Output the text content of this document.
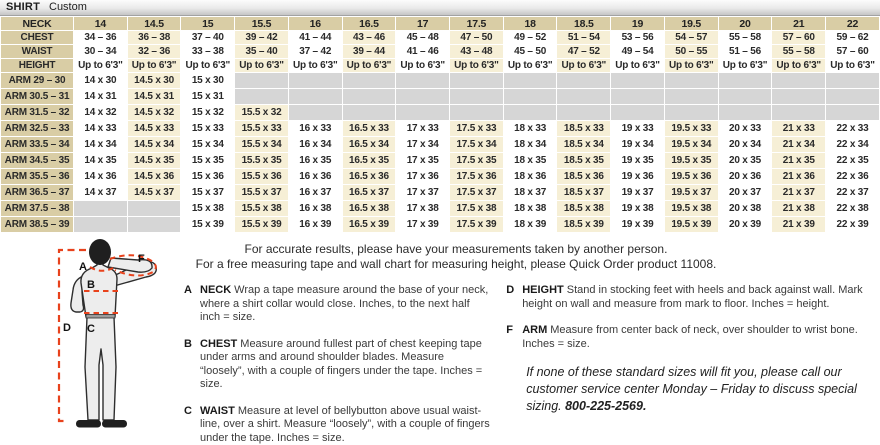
SHIRT Custom
NECK	14	14.5	15	15.5	16	16.5	17	17.5	18	18.5	19	19.5	20	21	22
CHEST	34 – 36	36 – 38	37 – 40	39 – 42	41 – 44	43 – 46	45 – 48	47 – 50	49 – 52	51 – 54	53 – 56	54 – 57	55 – 58	57 – 60	59 – 62
WAIST	30 – 34	32 – 36	33 – 38	35 – 40	37 – 42	39 – 44	41 – 46	43 – 48	45 – 50	47 – 52	49 – 54	50 – 55	51 – 56	55 – 58	57 – 60
HEIGHT	Up to 6'3"	Up to 6'3"	Up to 6'3"	Up to 6'3"	Up to 6'3"	Up to 6'3"	Up to 6'3"	Up to 6'3"	Up to 6'3"	Up to 6'3"	Up to 6'3"	Up to 6'3"	Up to 6'3"	Up to 6'3"	Up to 6'3"
ARM 29 – 30	14 x 30	14.5 x 30	15 x 30												
ARM 30.5 – 31	14 x 31	14.5 x 31	15 x 31												
ARM 31.5 – 32	14 x 32	14.5 x 32	15 x 32	15.5 x 32											
ARM 32.5 – 33	14 x 33	14.5 x 33	15 x 33	15.5 x 33	16 x 33	16.5 x 33	17 x 33	17.5 x 33	18 x 33	18.5 x 33	19 x 33	19.5 x 33	20 x 33	21 x 33	22 x 33
ARM 33.5 – 34	14 x 34	14.5 x 34	15 x 34	15.5 x 34	16 x 34	16.5 x 34	17 x 34	17.5 x 34	18 x 34	18.5 x 34	19 x 34	19.5 x 34	20 x 34	21 x 34	22 x 34
ARM 34.5 – 35	14 x 35	14.5 x 35	15 x 35	15.5 x 35	16 x 35	16.5 x 35	17 x 35	17.5 x 35	18 x 35	18.5 x 35	19 x 35	19.5 x 35	20 x 35	21 x 35	22 x 35
ARM 35.5 – 36	14 x 36	14.5 x 36	15 x 36	15.5 x 36	16 x 36	16.5 x 36	17 x 36	17.5 x 36	18 x 36	18.5 x 36	19 x 36	19.5 x 36	20 x 36	21 x 36	22 x 36
ARM 36.5 – 37	14 x 37	14.5 x 37	15 x 37	15.5 x 37	16 x 37	16.5 x 37	17 x 37	17.5 x 37	18 x 37	18.5 x 37	19 x 37	19.5 x 37	20 x 37	21 x 37	22 x 37
ARM 37.5 – 38			15 x 38	15.5 x 38	16 x 38	16.5 x 38	17 x 38	17.5 x 38	18 x 38	18.5 x 38	19 x 38	19.5 x 38	20 x 38	21 x 38	22 x 38
ARM 38.5 – 39			15 x 39	15.5 x 39	16 x 39	16.5 x 39	17 x 39	17.5 x 39	18 x 39	18.5 x 39	19 x 39	19.5 x 39	20 x 39	21 x 39	22 x 39
A
B
C
D
F
For accurate results, please have your measurements taken by another person.
For a free measuring tape and wall chart for measuring height, please Quick Order product 11008.
A NECK Wrap a tape measure around the base of your neck, where a shirt collar would close. Inches, to the next half inch = size.

B CHEST Measure around fullest part of chest keeping tape under arms and around shoulder blades. Measure “loosely”, with a couple of fingers under the tape. Inches = size.

C WAIST Measure at level of bellybutton above usual waist-line, over a shirt. Measure “loosely”, with a couple of fingers under the tape. Inches = size.

D HEIGHT Stand in stocking feet with heels and back against wall. Mark height on wall and measure from mark to floor. Inches = height.

F ARM Measure from center back of neck, over shoulder to wrist bone. Inches = size.

If none of these standard sizes will fit you, please call our customer service center Monday – Friday to discuss special sizing. 800-225-2569.
